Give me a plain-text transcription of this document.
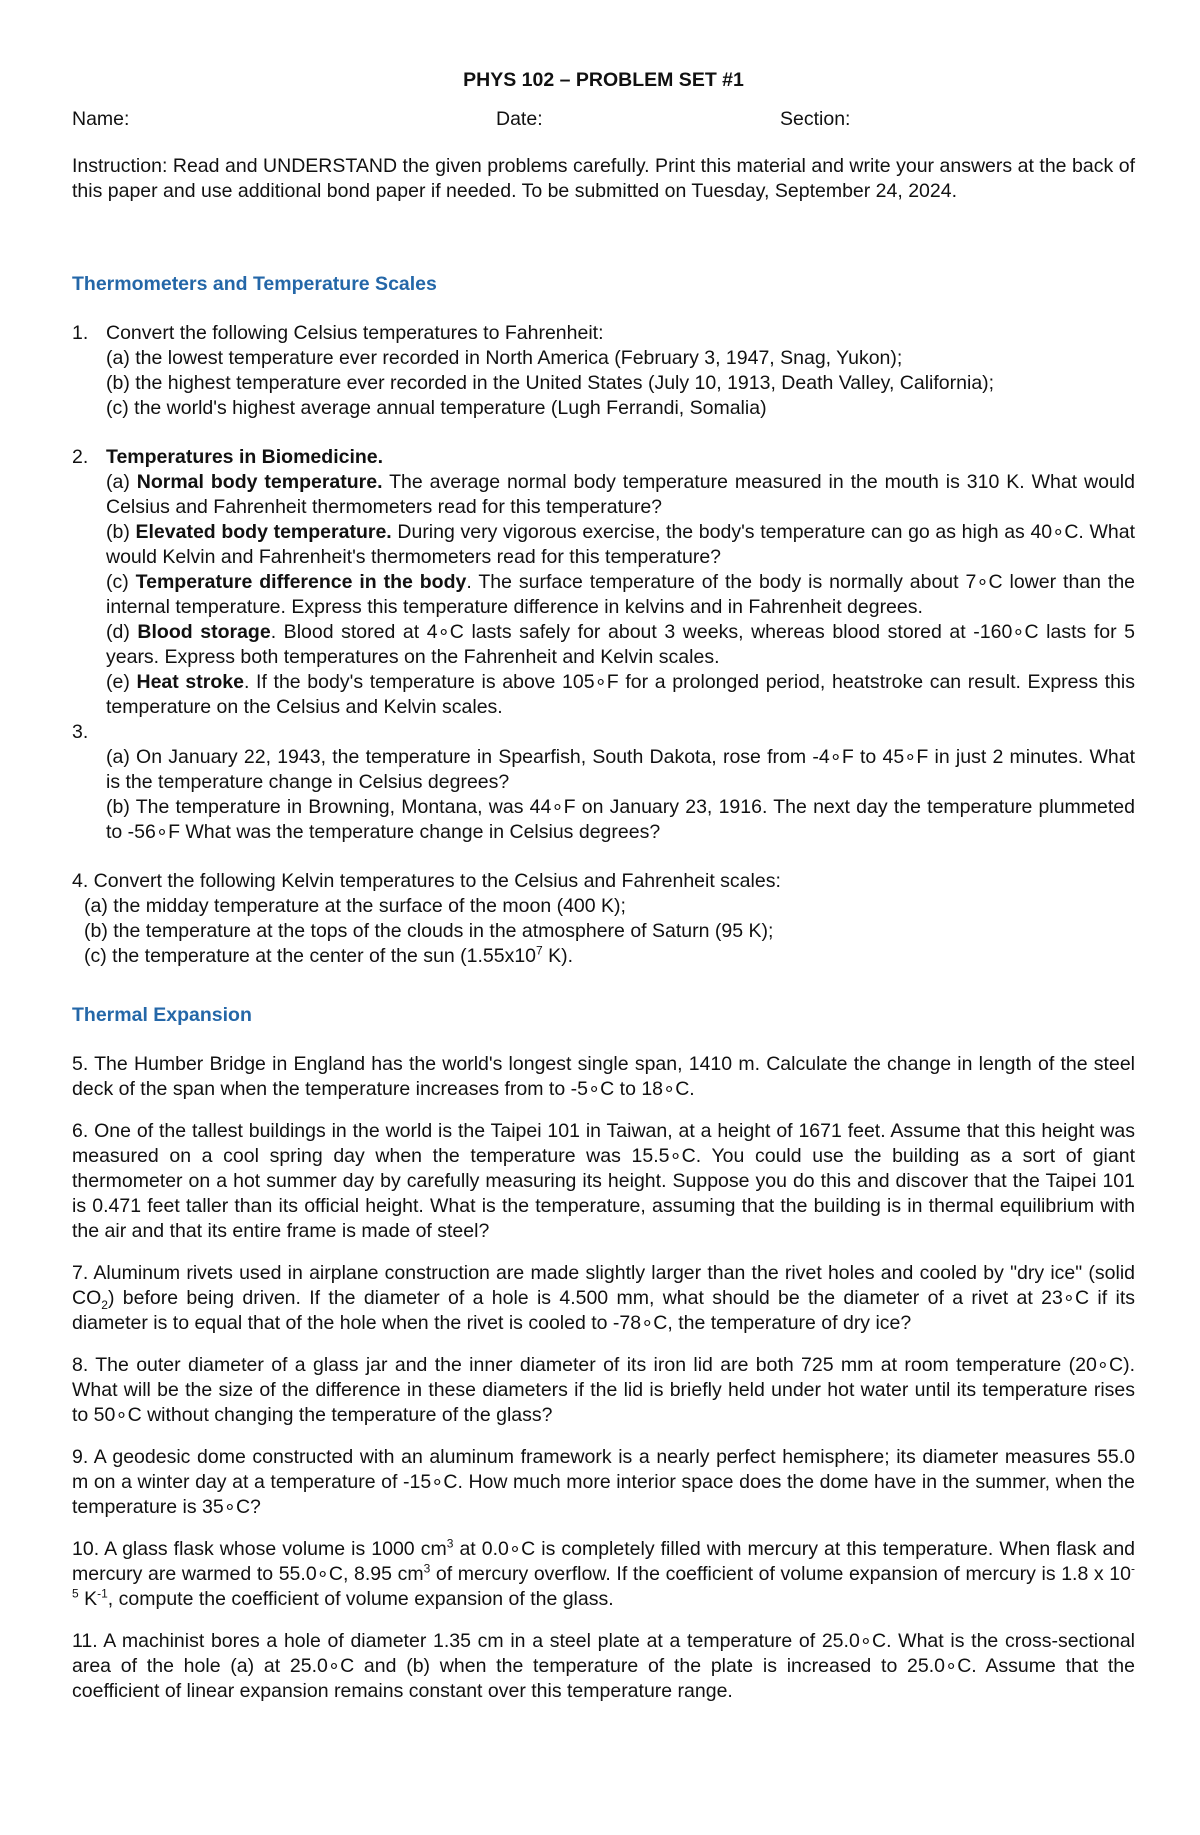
PHYS 102 – PROBLEM SET #1

Name:	Date:	Section:

Instruction: Read and UNDERSTAND the given problems carefully. Print this material and write your answers at the back of this paper and use additional bond paper if needed. To be submitted on Tuesday, September 24, 2024.

Thermometers and Temperature Scales

1. Convert the following Celsius temperatures to Fahrenheit:

(a) the lowest temperature ever recorded in North America (February 3, 1947, Snag, Yukon);

(b) the highest temperature ever recorded in the United States (July 10, 1913, Death Valley, California);

(c) the world's highest average annual temperature (Lugh Ferrandi, Somalia)

2. Temperatures in Biomedicine.

(a) Normal body temperature. The average normal body temperature measured in the mouth is 310 K. What would Celsius and Fahrenheit thermometers read for this temperature?

(b) Elevated body temperature. During very vigorous exercise, the body's temperature can go as high as 40∘C. What would Kelvin and Fahrenheit's thermometers read for this temperature?

(c) Temperature difference in the body. The surface temperature of the body is normally about 7∘C lower than the internal temperature. Express this temperature difference in kelvins and in Fahrenheit degrees.

(d) Blood storage. Blood stored at 4∘C lasts safely for about 3 weeks, whereas blood stored at -160∘C lasts for 5 years. Express both temperatures on the Fahrenheit and Kelvin scales.

(e) Heat stroke. If the body's temperature is above 105∘F for a prolonged period, heatstroke can result. Express this temperature on the Celsius and Kelvin scales.

3.

(a) On January 22, 1943, the temperature in Spearfish, South Dakota, rose from -4∘F to 45∘F in just 2 minutes. What is the temperature change in Celsius degrees?

(b) The temperature in Browning, Montana, was 44∘F on January 23, 1916. The next day the temperature plummeted to -56∘F What was the temperature change in Celsius degrees?

4. Convert the following Kelvin temperatures to the Celsius and Fahrenheit scales:

(a) the midday temperature at the surface of the moon (400 K);

(b) the temperature at the tops of the clouds in the atmosphere of Saturn (95 K);

(c) the temperature at the center of the sun ($1.55x10^7$ K).

Thermal Expansion

5. The Humber Bridge in England has the world's longest single span, 1410 m. Calculate the change in length of the steel deck of the span when the temperature increases from to -5∘C to 18∘C.

6. One of the tallest buildings in the world is the Taipei 101 in Taiwan, at a height of 1671 feet. Assume that this height was measured on a cool spring day when the temperature was 15.5∘C. You could use the building as a sort of giant thermometer on a hot summer day by carefully measuring its height. Suppose you do this and discover that the Taipei 101 is 0.471 feet taller than its official height. What is the temperature, assuming that the building is in thermal equilibrium with the air and that its entire frame is made of steel?

7. Aluminum rivets used in airplane construction are made slightly larger than the rivet holes and cooled by "dry ice" (solid $CO_2$) before being driven. If the diameter of a hole is 4.500 mm, what should be the diameter of a rivet at 23∘C if its diameter is to equal that of the hole when the rivet is cooled to -78∘C, the temperature of dry ice?

8. The outer diameter of a glass jar and the inner diameter of its iron lid are both 725 mm at room temperature (20∘C). What will be the size of the difference in these diameters if the lid is briefly held under hot water until its temperature rises to 50∘C without changing the temperature of the glass?

9. A geodesic dome constructed with an aluminum framework is a nearly perfect hemisphere; its diameter measures 55.0 m on a winter day at a temperature of -15∘C. How much more interior space does the dome have in the summer, when the temperature is 35∘C?

10. A glass flask whose volume is 1000 $cm^3$ at 0.0∘C is completely filled with mercury at this temperature. When flask and mercury are warmed to 55.0∘C, 8.95 $cm^3$ of mercury overflow. If the coefficient of volume expansion of mercury is 1.8 x $10^{-5}$ $K^{-1}$, compute the coefficient of volume expansion of the glass.

11. A machinist bores a hole of diameter 1.35 cm in a steel plate at a temperature of 25.0∘C. What is the cross-sectional area of the hole (a) at 25.0∘C and (b) when the temperature of the plate is increased to 25.0∘C. Assume that the coefficient of linear expansion remains constant over this temperature range.
